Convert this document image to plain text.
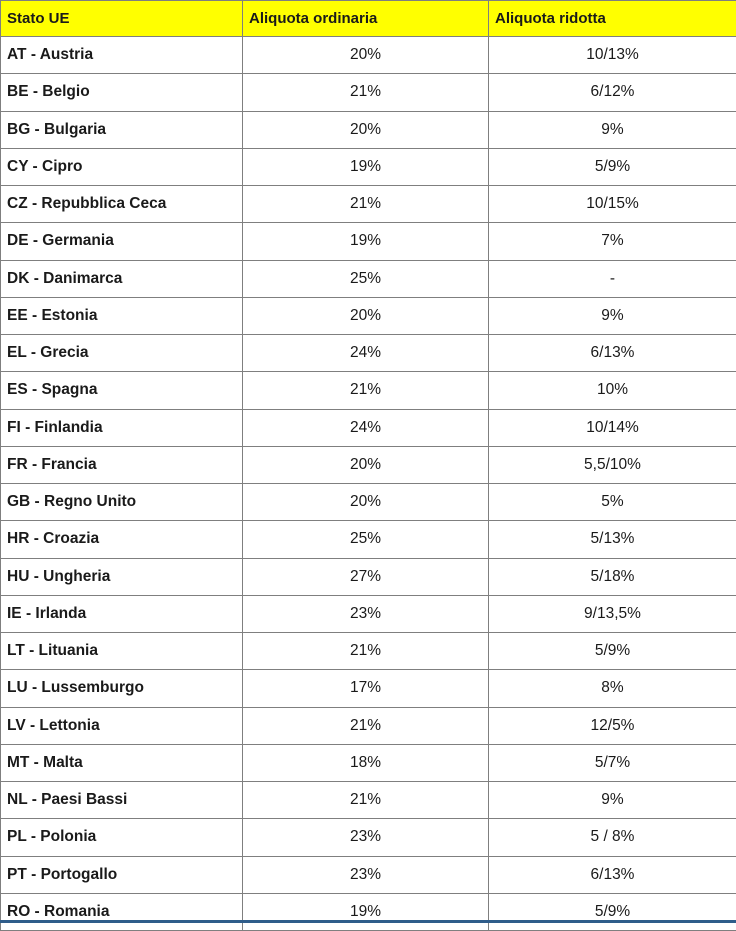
Stato UE	Aliquota ordinaria	Aliquota ridotta
AT - Austria	20%	10/13%
BE - Belgio	21%	6/12%
BG - Bulgaria	20%	9%
CY - Cipro	19%	5/9%
CZ - Repubblica Ceca	21%	10/15%
DE - Germania	19%	7%
DK - Danimarca	25%	-
EE - Estonia	20%	9%
EL - Grecia	24%	6/13%
ES - Spagna	21%	10%
FI - Finlandia	24%	10/14%
FR - Francia	20%	5,5/10%
GB - Regno Unito	20%	5%
HR - Croazia	25%	5/13%
HU - Ungheria	27%	5/18%
IE - Irlanda	23%	9/13,5%
LT - Lituania	21%	5/9%
LU - Lussemburgo	17%	8%
LV - Lettonia	21%	12/5%
MT - Malta	18%	5/7%
NL - Paesi Bassi	21%	9%
PL - Polonia	23%	5 / 8%
PT - Portogallo	23%	6/13%
RO - Romania	19%	5/9%
